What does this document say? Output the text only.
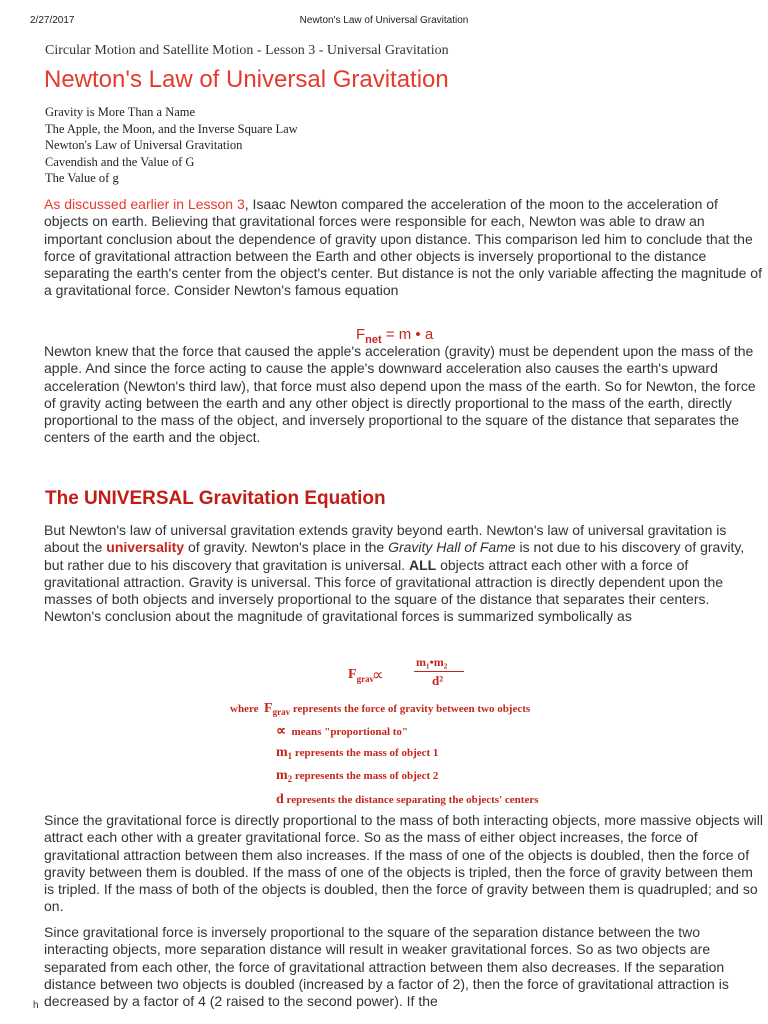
2/27/2017	Newton's Law of Universal Gravitation
Circular Motion and Satellite Motion - Lesson 3 - Universal Gravitation
Newton's Law of Universal Gravitation
Gravity is More Than a Name
The Apple, the Moon, and the Inverse Square Law
Newton's Law of Universal Gravitation
Cavendish and the Value of G
The Value of g

As discussed earlier in Lesson 3, Isaac Newton compared the acceleration of the moon to the acceleration of objects on earth. Believing that gravitational forces were responsible for each, Newton was able to draw an important conclusion about the dependence of gravity upon distance. This comparison led him to conclude that the force of gravitational attraction between the Earth and other objects is inversely proportional to the distance separating the earth's center from the object's center. But distance is not the only variable affecting the magnitude of a gravitational force. Consider Newton's famous equation

$F_{net} = m$ • a

Newton knew that the force that caused the apple's acceleration (gravity) must be dependent upon the mass of the apple. And since the force acting to cause the apple's downward acceleration also causes the earth's upward acceleration (Newton's third law), that force must also depend upon the mass of the earth. So for Newton, the force of gravity acting between the earth and any other object is directly proportional to the mass of the earth, directly proportional to the mass of the object, and inversely proportional to the square of the distance that separates the centers of the earth and the object.

The UNIVERSAL Gravitation Equation

But Newton's law of universal gravitation extends gravity beyond earth. Newton's law of universal gravitation is about the universality of gravity. Newton's place in the Gravity Hall of Fame is not due to his discovery of gravity, but rather due to his discovery that gravitation is universal. ALL objects attract each other with a force of gravitational attraction. Gravity is universal. This force of gravitational attraction is directly dependent upon the masses of both objects and inversely proportional to the square of the distance that separates their centers. Newton's conclusion about the magnitude of gravitational forces is summarized symbolically as

$F_{grav}$
∝
m₁•m₂
d²
where $F_{grav}$ represents the force of gravity between two objects
∝ means "proportional to"
$m_1$ represents the mass of object 1
$m_2$ represents the mass of object 2
d represents the distance separating the objects' centers

Since the gravitational force is directly proportional to the mass of both interacting objects, more massive objects will attract each other with a greater gravitational force. So as the mass of either object increases, the force of gravitational attraction between them also increases. If the mass of one of the objects is doubled, then the force of gravity between them is doubled. If the mass of one of the objects is tripled, then the force of gravity between them is tripled. If the mass of both of the objects is doubled, then the force of gravity between them is quadrupled; and so on.

Since gravitational force is inversely proportional to the square of the separation distance between the two interacting objects, more separation distance will result in weaker gravitational forces. So as two objects are separated from each other, the force of gravitational attraction between them also decreases. If the separation distance between two objects is doubled (increased by a factor of 2), then the force of gravitational attraction is decreased by a factor of 4 (2 raised to the second power). If the

h
